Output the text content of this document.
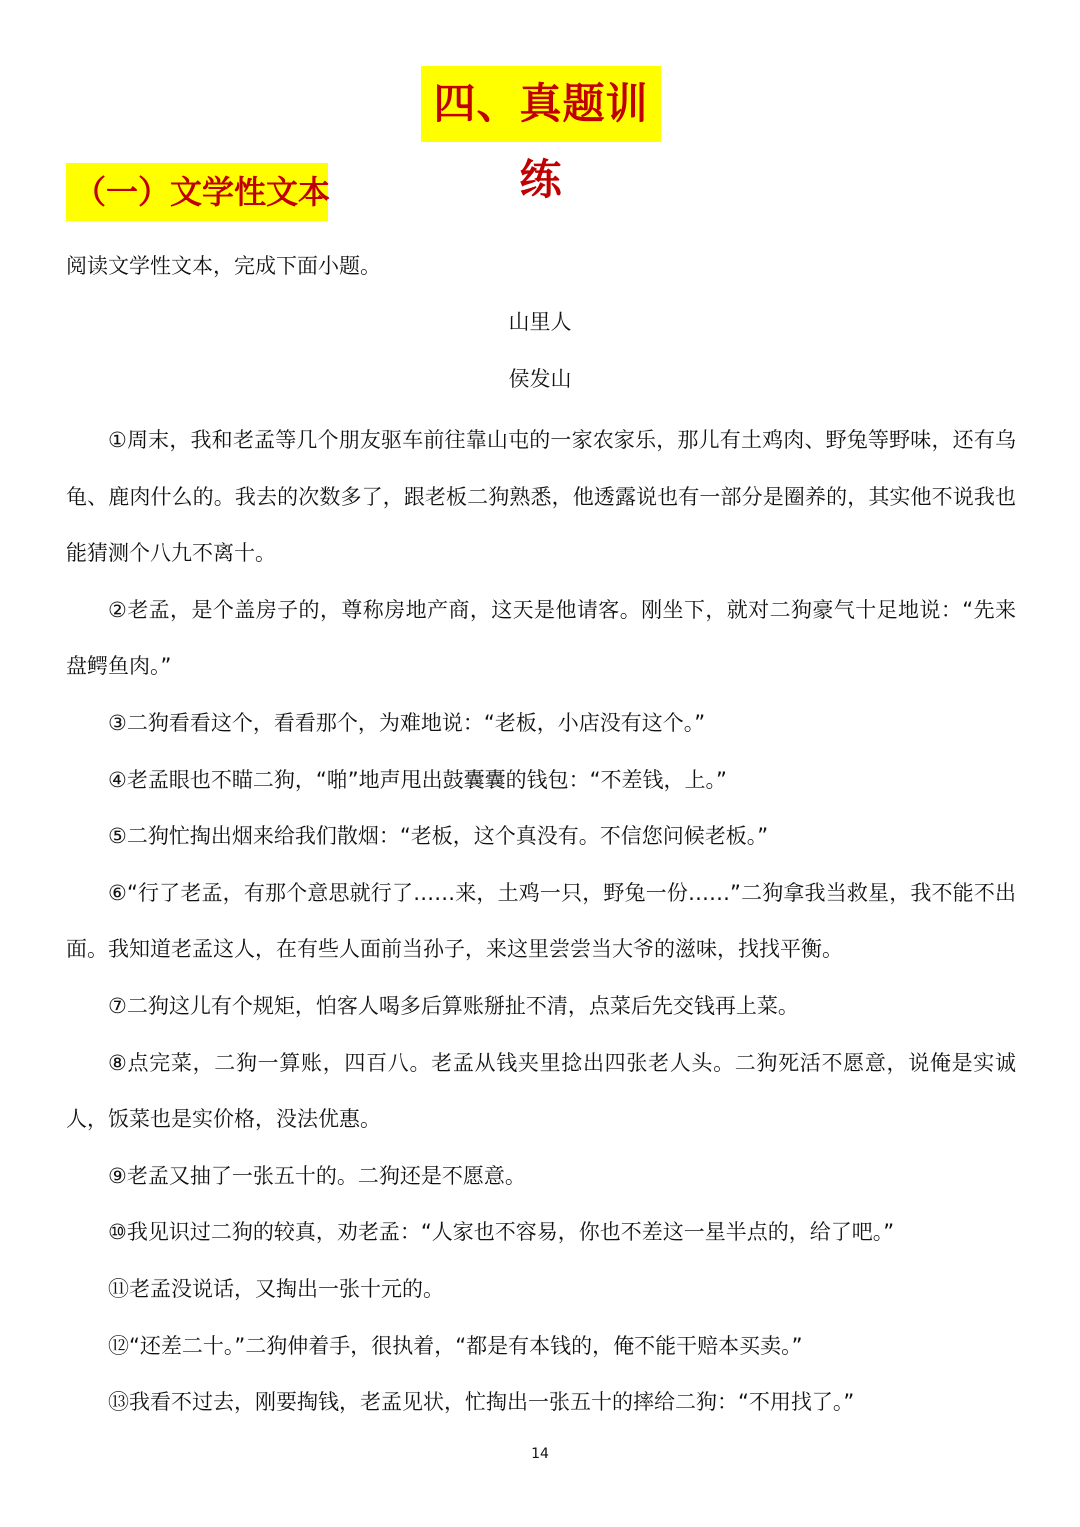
四、真题训练
（一）文学性文本
阅读文学性文本，完成下面小题。
山里人
侯发山

①周末，我和老孟等几个朋友驱车前往靠山屯的一家农家乐，那儿有土鸡肉、野兔等野味，还有乌龟、鹿肉什么的。我去的次数多了，跟老板二狗熟悉，他透露说也有一部分是圈养的，其实他不说我也能猜测个八九不离十。

②老孟，是个盖房子的，尊称房地产商，这天是他请客。刚坐下，就对二狗豪气十足地说：“先来盘鳄鱼肉。”

③二狗看看这个，看看那个，为难地说：“老板，小店没有这个。”

④老孟眼也不瞄二狗，“啪”地声甩出鼓囊囊的钱包：“不差钱，上。”

⑤二狗忙掏出烟来给我们散烟：“老板，这个真没有。不信您问候老板。”

⑥“行了老孟，有那个意思就行了……来，土鸡一只，野兔一份……”二狗拿我当救星，我不能不出面。我知道老孟这人，在有些人面前当孙子，来这里尝尝当大爷的滋味，找找平衡。

⑦二狗这儿有个规矩，怕客人喝多后算账掰扯不清，点菜后先交钱再上菜。

⑧点完菜，二狗一算账，四百八。老孟从钱夹里捻出四张老人头。二狗死活不愿意，说俺是实诚人，饭菜也是实价格，没法优惠。

⑨老孟又抽了一张五十的。二狗还是不愿意。

⑩我见识过二狗的较真，劝老孟：“人家也不容易，你也不差这一星半点的，给了吧。”

⑪老孟没说话，又掏出一张十元的。

⑫“还差二十。”二狗伸着手，很执着，“都是有本钱的，俺不能干赔本买卖。”

⑬我看不过去，刚要掏钱，老孟见状，忙掏出一张五十的摔给二狗：“不用找了。”

14
